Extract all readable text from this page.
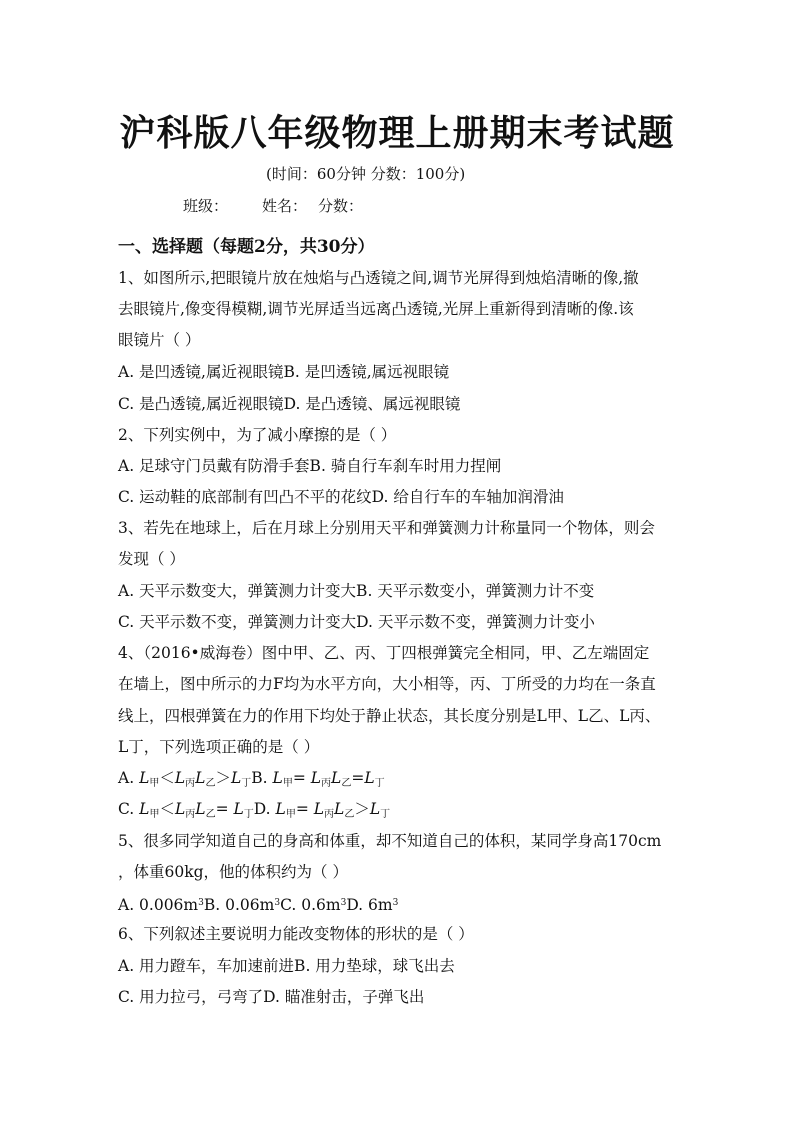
沪科版八年级物理上册期末考试题
(时间：60分钟 分数：100分)
班级： 姓名： 分数：
一、选择题（每题2分，共30分）
1、如图所示,把眼镜片放在烛焰与凸透镜之间,调节光屏得到烛焰清晰的像,撤
去眼镜片,像变得模糊,调节光屏适当远离凸透镜,光屏上重新得到清晰的像.该
眼镜片（ ）
A. 是凹透镜,属近视眼镜B. 是凹透镜,属远视眼镜
C. 是凸透镜,属近视眼镜D. 是凸透镜、属远视眼镜
2、下列实例中，为了减小摩擦的是（ ）
A. 足球守门员戴有防滑手套B. 骑自行车刹车时用力捏闸
C. 运动鞋的底部制有凹凸不平的花纹D. 给自行车的车轴加润滑油
3、若先在地球上，后在月球上分别用天平和弹簧测力计称量同一个物体，则会
发现（ ）
A. 天平示数变大，弹簧测力计变大B. 天平示数变小，弹簧测力计不变
C. 天平示数不变，弹簧测力计变大D. 天平示数不变，弹簧测力计变小
4、（2016•威海卷）图中甲、乙、丙、丁四根弹簧完全相同，甲、乙左端固定
在墙上，图中所示的力F均为水平方向，大小相等，丙、丁所受的力均在一条直
线上，四根弹簧在力的作用下均处于静止状态，其长度分别是L甲、L乙、L丙、
L丁，下列选项正确的是（ ）
A. $L_甲<L_丙L_乙>L_丁B$. $L_甲= L_丙L_乙=L_丁$
C. $L_甲<L_丙L_乙= L_丁D$. $L_甲= L_丙L_乙>L_丁$
5、很多同学知道自己的身高和体重，却不知道自己的体积，某同学身高170cm
，体重60kg，他的体积约为（ ）
A. $0.006m^3B$. $0.06m^3C$. $0.6m^3D$. $6m^3$
6、下列叙述主要说明力能改变物体的形状的是（ ）
A. 用力蹬车，车加速前进B. 用力垫球，球飞出去
C. 用力拉弓，弓弯了D. 瞄准射击，子弹飞出
